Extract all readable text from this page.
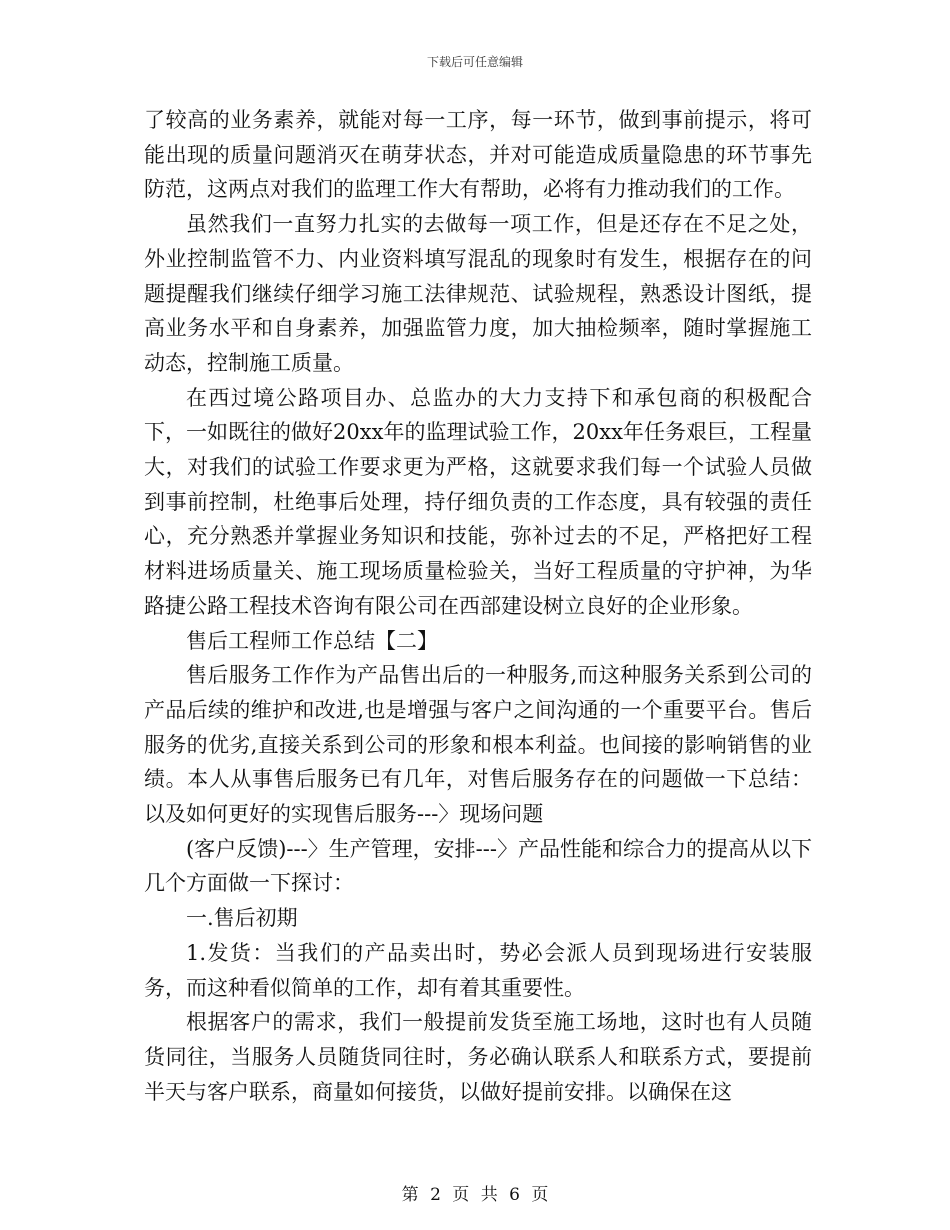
下载后可任意编辑

了较高的业务素养，就能对每一工序，每一环节，做到事前提示，将可能出现的质量问题消灭在萌芽状态，并对可能造成质量隐患的环节事先防范，这两点对我们的监理工作大有帮助，必将有力推动我们的工作。

虽然我们一直努力扎实的去做每一项工作，但是还存在不足之处，外业控制监管不力、内业资料填写混乱的现象时有发生，根据存在的问题提醒我们继续仔细学习施工法律规范、试验规程，熟悉设计图纸，提高业务水平和自身素养，加强监管力度，加大抽检频率，随时掌握施工动态，控制施工质量。

在西过境公路项目办、总监办的大力支持下和承包商的积极配合下，一如既往的做好20xx年的监理试验工作，20xx年任务艰巨，工程量大，对我们的试验工作要求更为严格，这就要求我们每一个试验人员做到事前控制，杜绝事后处理，持仔细负责的工作态度，具有较强的责任心，充分熟悉并掌握业务知识和技能，弥补过去的不足，严格把好工程材料进场质量关、施工现场质量检验关，当好工程质量的守护神，为华路捷公路工程技术咨询有限公司在西部建设树立良好的企业形象。

售后工程师工作总结【二】

售后服务工作作为产品售出后的一种服务,而这种服务关系到公司的产品后续的维护和改进,也是增强与客户之间沟通的一个重要平台。售后服务的优劣,直接关系到公司的形象和根本利益。也间接的影响销售的业绩。本人从事售后服务已有几年，对售后服务存在的问题做一下总结：以及如何更好的实现售后服务---〉现场问题

(客户反馈)---〉生产管理，安排---〉产品性能和综合力的提高从以下几个方面做一下探讨：

一.售后初期

1.发货：当我们的产品卖出时，势必会派人员到现场进行安装服务，而这种看似简单的工作，却有着其重要性。

根据客户的需求，我们一般提前发货至施工场地，这时也有人员随货同往，当服务人员随货同往时，务必确认联系人和联系方式，要提前半天与客户联系，商量如何接货，以做好提前安排。以确保在这

第 2 页 共 6 页
